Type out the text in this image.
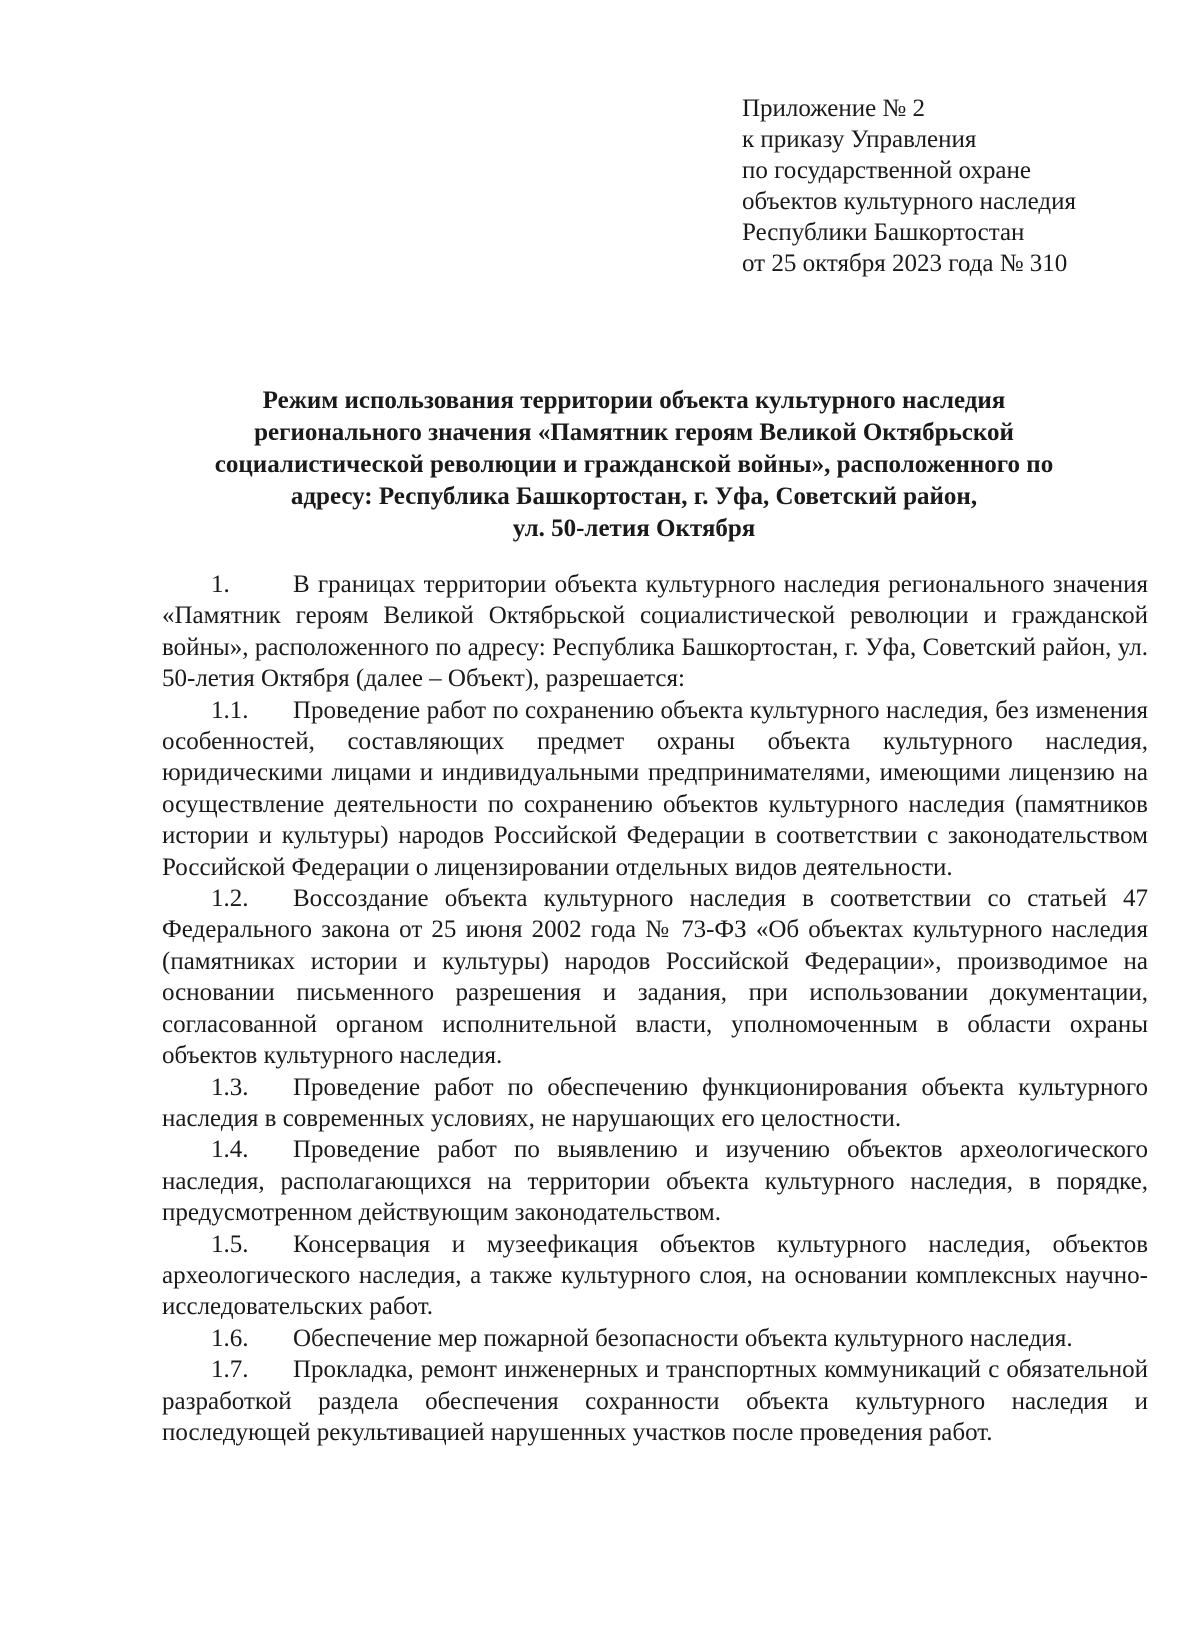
Приложение № 2
к приказу Управления
по государственной охране
объектов культурного наследия
Республики Башкортостан
от 25 октября 2023 года № 310
Режим использования территории объекта культурного наследия
регионального значения «Памятник героям Великой Октябрьской
социалистической революции и гражданской войны», расположенного по
адресу: Республика Башкортостан, г. Уфа, Советский район,
ул. 50-летия Октября

1.	В границах территории объекта культурного наследия регионального значения «Памятник героям Великой Октябрьской социалистической революции и гражданской войны», расположенного по адресу: Республика Башкортостан, г. Уфа, Советский район, ул. 50-летия Октября (далее – Объект), разрешается:

1.1. Проведение работ по сохранению объекта культурного наследия, без изменения особенностей, составляющих предмет охраны объекта культурного наследия, юридическими лицами и индивидуальными предпринимателями, имеющими лицензию на осуществление деятельности по сохранению объектов культурного наследия (памятников истории и культуры) народов Российской Федерации в соответствии с законодательством Российской Федерации о лицензировании отдельных видов деятельности.

1.2. Воссоздание объекта культурного наследия в соответствии со статьей 47 Федерального закона от 25 июня 2002 года № 73-ФЗ «Об объектах культурного наследия (памятниках истории и культуры) народов Российской Федерации», производимое на основании письменного разрешения и задания, при использовании документации, согласованной органом исполнительной власти, уполномоченным в области охраны объектов культурного наследия.

1.3. Проведение работ по обеспечению функционирования объекта культурного наследия в современных условиях, не нарушающих его целостности.

1.4. Проведение работ по выявлению и изучению объектов археологического наследия, располагающихся на территории объекта культурного наследия, в порядке, предусмотренном действующим законодательством.

1.5. Консервация и музеефикация объектов культурного наследия, объектов археологического наследия, а также культурного слоя, на основании комплексных научно-исследовательских работ.

1.6. Обеспечение мер пожарной безопасности объекта культурного наследия.

1.7. Прокладка, ремонт инженерных и транспортных коммуникаций с обязательной разработкой раздела обеспечения сохранности объекта культурного наследия и последующей рекультивацией нарушенных участков после проведения работ.
